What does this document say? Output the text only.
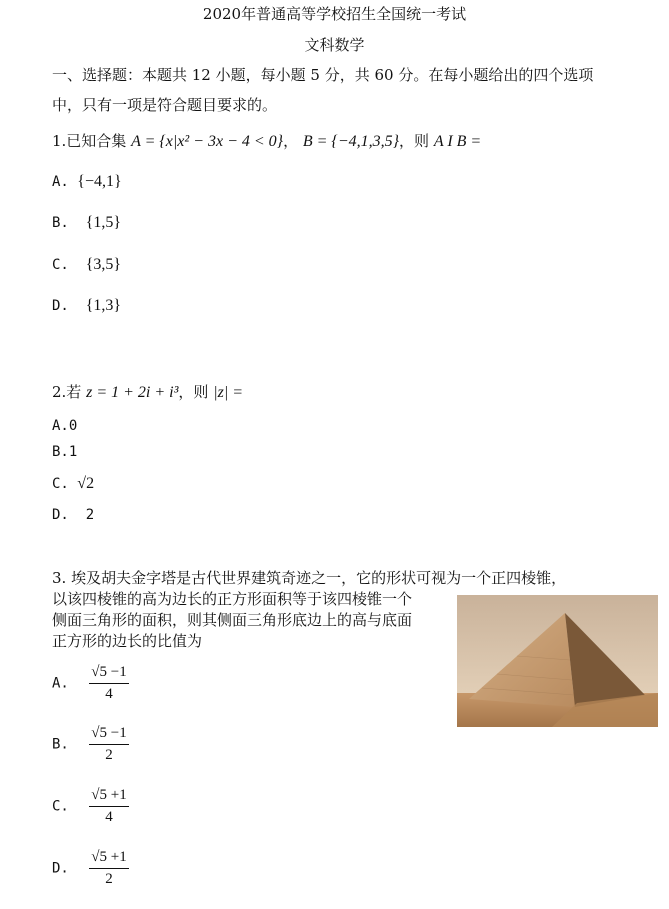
2020年普通高等学校招生全国统一考试
文科数学
一、选择题：本题共 12 小题，每小题 5 分，共 60 分。在每小题给出的四个选项
中，只有一项是符合题目要求的。
1.已知合集 A = {x|x² − 3x − 4 < 0}， B = {−4,1,3,5}，则 A I B =
A. {−4,1}
B. {1,5}
C. {3,5}
D. {1,3}
2.若 z = 1 + 2i + i³，则 |z| =
A.0
B.1
C. √2
D. 2
3. 埃及胡夫金字塔是古代世界建筑奇迹之一，它的形状可视为一个正四棱锥，
以该四棱锥的高为边长的正方形面积等于该四棱锥一个
侧面三角形的面积，则其侧面三角形底边上的高与底面
正方形的边长的比值为
A. $\frac{√5 -1}{4}$
B. $\frac{√5 -1}{2}$
C. $\frac{√5 +1}{4}$
D. $\frac{√5 +1}{2}$
